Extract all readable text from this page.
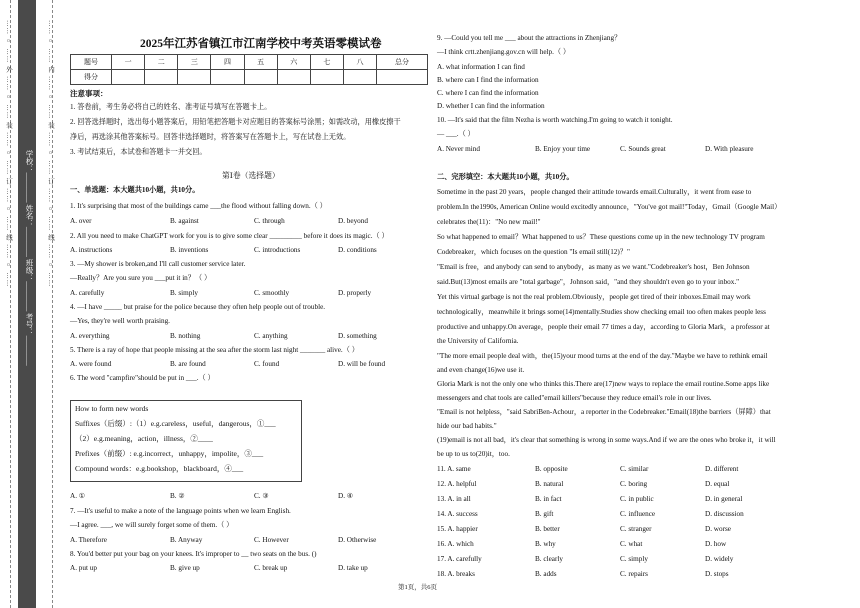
…… ○ …… 外 …… ○ …… 装 …… ○ …… 订 …… ○ …… 线 …… ○ …… 学校：________ 姓名：________ 班级：________ 考号：________ …… ○ …… 内 …… ○ …… 装 …… ○ …… 订 …… ○ …… 线 …… ○ ……	2025年江苏省镇江市江南学校中考英语零模试卷
题号	一	二	三	四	五	六	七	八	总分
得分									
注意事项：
1. 答卷前，考生务必将自己的姓名、准考证号填写在答题卡上。
2. 回答选择题时，选出每小题答案后，用铅笔把答题卡对应题目的答案标号涂黑；如需改动，用橡皮擦干
净后，再选涂其他答案标号。回答非选择题时，将答案写在答题卡上，写在试卷上无效。
3. 考试结束后，本试卷和答题卡一并交回。
第Ⅰ卷（选择题）
一、单选题：本大题共10小题，共10分。
1. It's surprising that most of the buildings came ___the flood without falling down.（ ）
A. over	B. against	C. through	D. beyond
2. All you need to make ChatGPT work for you is to give some clear _________ before it does its magic.（ ）
A. instructions	B. inventions	C. introductions	D. conditions
3. —My shower is broken,and I'll call customer service later.
—Really？Are you sure you ___put it in？（ ）
A. carefully	B. simply	C. smoothly	D. properly
4. —I have _____ but praise for the police because they often help people out of trouble.
—Yes, they're well worth praising.
A. everything	B. nothing	C. anything	D. something
5. There is a ray of hope that people missing at the sea after the storm last night _______ alive.（ ）
A. were found	B. are found	C. found	D. will be found
6. The word "campfire"should be put in ___.（ ）
How to form new words
Suffixes（后缀）:（1）e.g.careless，useful，dangerous，①___
（2）e.g.meaning，action，illness，②____
Prefixes（前缀）: e.g.incorrect，unhappy，impolite，③___
Compound words：e.g.bookshop，blackboard，④___
A. ①	B. ②	C. ③	D. ④
7. —It's useful to make a note of the language points when we learn English.
—I agree. ___, we will surely forget some of them.（ ）
A. Therefore	B. Anyway	C. However	D. Otherwise
8. You'd better put your bag on your knees. It's improper to __ two seats on the bus. ()
A. put up	B. give up	C. break up	D. take up
9. —Could you tell me ___ about the attractions in Zhenjiang？
—I think crtt.zhenjiang.gov.cn will help.（ ）
A. what information I can find
B. where can I find the information
C. where I can find the information
D. whether I can find the information
10. —It's said that the film Nezha is worth watching.I'm going to watch it tonight.
— ___.（ ）
A. Never mind	B. Enjoy your time	C. Sounds great	D. With pleasure
二、完形填空：本大题共10小题，共10分。
Sometime in the past 20 years，people changed their attitude towards email.Culturally，it went from ease to
problem.In the1990s, American Online would excitedly announce，"You've got mail!"Today，Gmail（Google Mail）
celebrates the(11)："No new mail!"
So what happened to email？What happened to us？These questions come up in the new technology TV program
Codebreaker，which focuses on the question "Is email still(12)？"
"Email is free，and anybody can send to anybody，as many as we want."Codebreaker's host，Ben Johnson
said.But(13)most emails are "total garbage"，Johnson said，"and they shouldn't even go to your inbox."
Yet this virtual garbage is not the real problem.Obviously，people get tired of their inboxes.Email may work
technologically，meanwhile it brings some(14)mentally.Studies show checking email too often makes people less
productive and unhappy.On average，people their email 77 times a day，according to Gloria Mark，a professor at
the University of California.
"The more email people deal with，the(15)your mood turns at the end of the day."Maybe we have to rethink email
and even change(16)we use it.
Gloria Mark is not the only one who thinks this.There are(17)new ways to replace the email routine.Some apps like
messengers and chat tools are called"email killers"because they reduce email's role in our lives.
"Email is not helpless，"said SabriBen-Achour，a reporter in the Codebreaker."Email(18)the barriers（屏障）that
hide our bad habits."
(19)email is not all bad，it's clear that something is wrong in some ways.And if we are the ones who broke it，it will
be up to us to(20)it，too.
11. A. same	B. opposite	C. similar	D. different
12. A. helpful	B. natural	C. boring	D. equal
13. A. in all	B. in fact	C. in public	D. in general
14. A. success	B. gift	C. influence	D. discussion
15. A. happier	B. better	C. stranger	D. worse
16. A. which	B. why	C. what	D. how
17. A. carefully	B. clearly	C. simply	D. widely
18. A. breaks	B. adds	C. repairs	D. stops
第1页，共6页
